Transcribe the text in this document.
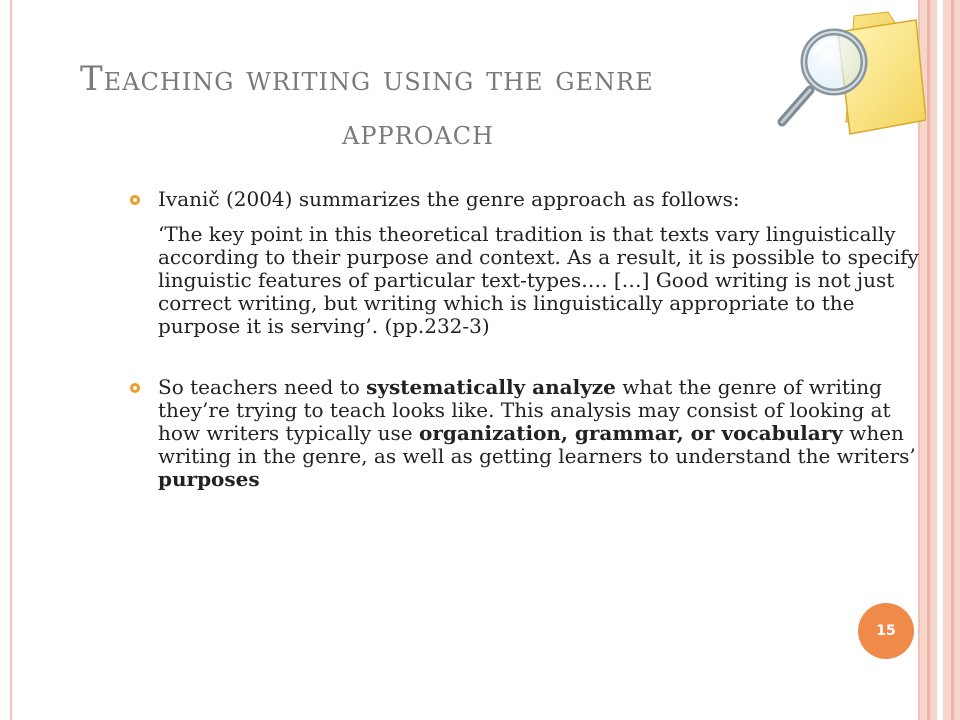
Teaching writing using the genre
approach
Ivanič (2004) summarizes the genre approach as follows:
‘The key point in this theoretical tradition is that texts vary linguistically according to their purpose and context. As a result, it is possible to specify linguistic features of particular text-types…. […] Good writing is not just correct writing, but writing which is linguistically appropriate to the purpose it is serving’. (pp.232-3)
So teachers need to systematically analyze what the genre of writing they’re trying to teach looks like. This analysis may consist of looking at how writers typically use organization, grammar, or vocabulary when writing in the genre, as well as getting learners to understand the writers’ purposes
15
